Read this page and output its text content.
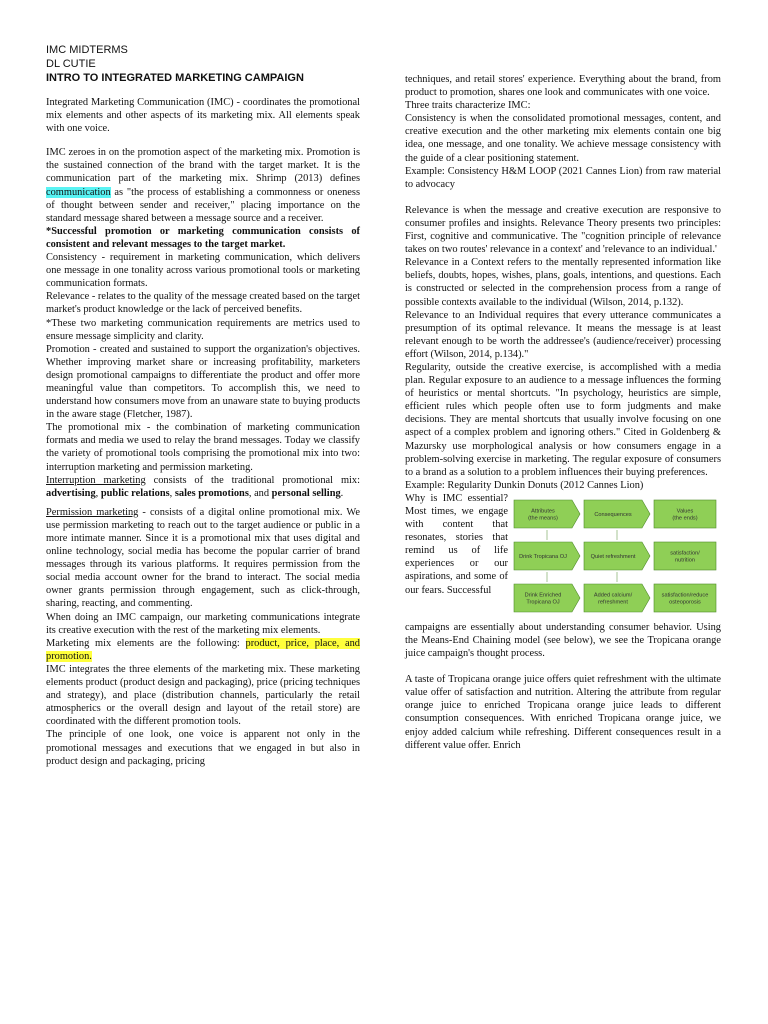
IMC MIDTERMS
DL CUTIE
INTRO TO INTEGRATED MARKETING CAMPAIGN

Integrated Marketing Communication (IMC) - coordinates the promotional mix elements and other aspects of its marketing mix. All elements speak with one voice.

IMC zeroes in on the promotion aspect of the marketing mix. Promotion is the sustained connection of the brand with the target market. It is the communication part of the marketing mix. Shrimp (2013) defines communication as "the process of establishing a commonness or oneness of thought between sender and receiver," placing importance on the standard message shared between a message source and a receiver.

*Successful promotion or marketing communication consists of consistent and relevant messages to the target market.

Consistency - requirement in marketing communication, which delivers one message in one tonality across various promotional tools or marketing communication formats.

Relevance - relates to the quality of the message created based on the target market's product knowledge or the lack of perceived benefits.

*These two marketing communication requirements are metrics used to ensure message simplicity and clarity.

Promotion - created and sustained to support the organization's objectives. Whether improving market share or increasing profitability, marketers design promotional campaigns to differentiate the product and offer more meaningful value than competitors. To accomplish this, we need to understand how consumers move from an unaware state to buying products in the aware stage (Fletcher, 1987).

The promotional mix - the combination of marketing communication formats and media we used to relay the brand messages. Today we classify the variety of promotional tools comprising the promotional mix into two: interruption marketing and permission marketing.

Interruption marketing consists of the traditional promotional mix: advertising, public relations, sales promotions, and personal selling.

Permission marketing - consists of a digital online promotional mix. We use permission marketing to reach out to the target audience or public in a more intimate manner. Since it is a promotional mix that uses digital and online technology, social media has become the popular carrier of brand messages through its various platforms. It requires permission from the social media account owner for the brand to interact. The social media owner grants permission through engagement, such as click-through, sharing, reacting, and commenting.

When doing an IMC campaign, our marketing communications integrate its creative execution with the rest of the marketing mix elements.

Marketing mix elements are the following: product, price, place, and promotion.

IMC integrates the three elements of the marketing mix. These marketing elements product (product design and packaging), price (pricing techniques and strategy), and place (distribution channels, particularly the retail atmospherics or the overall design and layout of the retail store) are coordinated with the different promotion tools.

The principle of one look, one voice is apparent not only in the promotional messages and executions that we engaged in but also in product design and packaging, pricing

techniques, and retail stores' experience. Everything about the brand, from product to promotion, shares one look and communicates with one voice.

Three traits characterize IMC:

Consistency is when the consolidated promotional messages, content, and creative execution and the other marketing mix elements contain one big idea, one message, and one tonality. We achieve message consistency with the guide of a clear positioning statement.

Example: Consistency H&M LOOP (2021 Cannes Lion) from raw material to advocacy

Relevance is when the message and creative execution are responsive to consumer profiles and insights. Relevance Theory presents two principles: First, cognitive and communicative. The "cognition principle of relevance takes on two routes' relevance in a context' and 'relevance to an individual.'

Relevance in a Context refers to the mentally represented information like beliefs, doubts, hopes, wishes, plans, goals, intentions, and questions. Each is constructed or selected in the comprehension process from a range of possible contexts available to the individual (Wilson, 2014, p.132).

Relevance to an Individual requires that every utterance communicates a presumption of its optimal relevance. It means the message is at least relevant enough to be worth the addressee's (audience/receiver) processing effort (Wilson, 2014, p.134)."

Regularity, outside the creative exercise, is accomplished with a media plan. Regular exposure to an audience to a message influences the forming of heuristics or mental shortcuts. "In psychology, heuristics are simple, efficient rules which people often use to form judgments and make decisions. They are mental shortcuts that usually involve focusing on one aspect of a complex problem and ignoring others." Cited in Goldenberg & Mazursky use morphological analysis or how consumers engage in a problem-solving exercise in marketing. The regular exposure of consumers to a brand as a solution to a problem influences their buying preferences.

Example: Regularity Dunkin Donuts (2012 Cannes Lion)

Why is IMC essential? Most times, we engage with content that resonates, stories that remind us of life experiences or our aspirations, and some of our fears. Successful

Attributes
(the means)
Consequences
Values
(the ends)
Drink Tropicana OJ	Quiet refreshment
satisfaction/
nutrition
Drink Enriched
Tropicana OJ
Added calcium/
refreshment
satisfaction/reduce
osteoporosis

campaigns are essentially about understanding consumer behavior. Using the Means-End Chaining model (see below), we see the Tropicana orange juice campaign's thought process.

A taste of Tropicana orange juice offers quiet refreshment with the ultimate value offer of satisfaction and nutrition. Altering the attribute from regular orange juice to enriched Tropicana orange juice leads to different consumption consequences. With enriched Tropicana orange juice, we enjoy added calcium while refreshing. Different consequences result in a different value offer. Enrich
